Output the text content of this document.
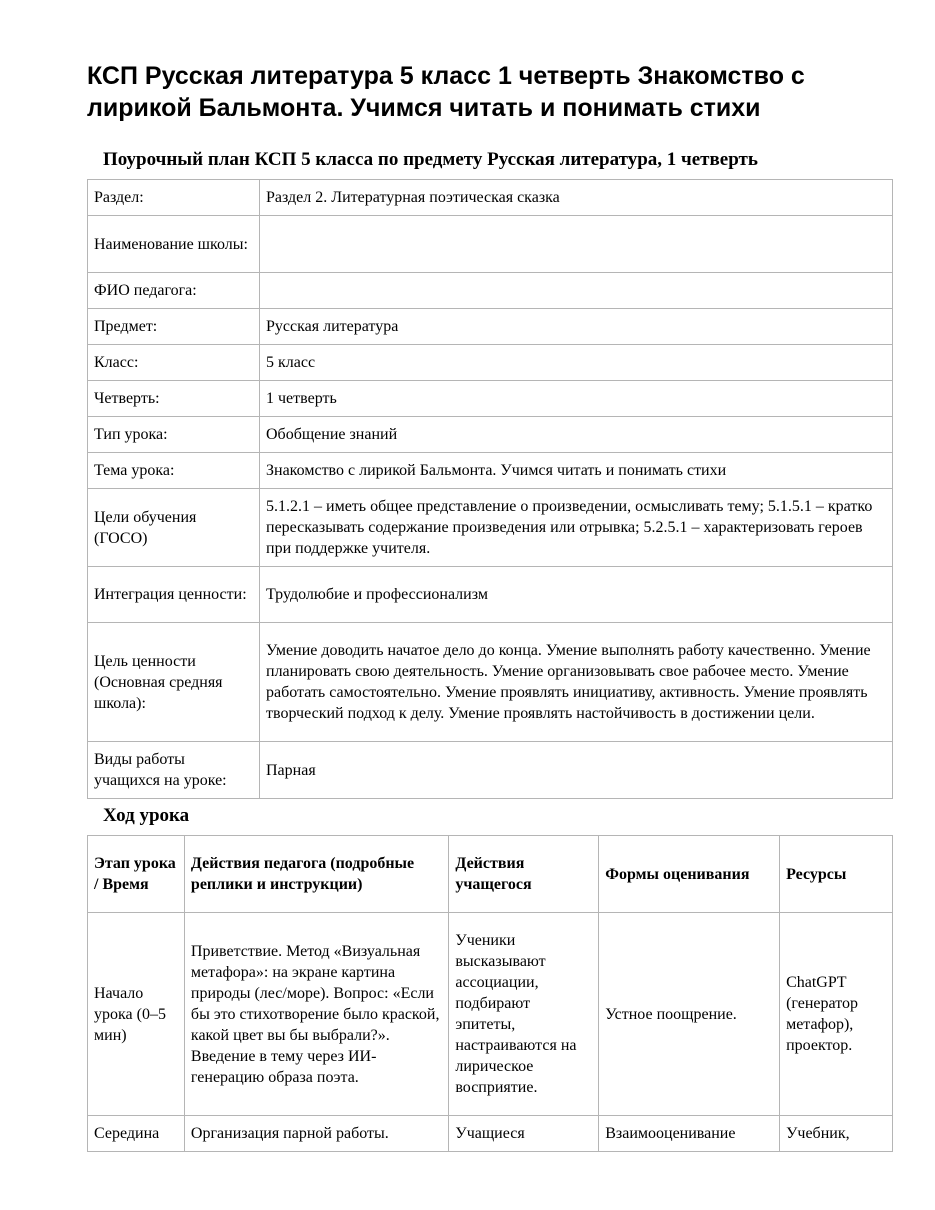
КСП Русская литература 5 класс 1 четверть Знакомство с лирикой Бальмонта. Учимся читать и понимать стихи
Поурочный план КСП 5 класса по предмету Русская литература, 1 четверть
Раздел:	Раздел 2. Литературная поэтическая сказка
Наименование школы:	
ФИО педагога:	
Предмет:	Русская литература
Класс:	5 класс
Четверть:	1 четверть
Тип урока:	Обобщение знаний
Тема урока:	Знакомство с лирикой Бальмонта. Учимся читать и понимать стихи
Цели обучения (ГОСО)	5.1.2.1 – иметь общее представление о произведении, осмысливать тему; 5.1.5.1 – кратко пересказывать содержание произведения или отрывка; 5.2.5.1 – характеризовать героев при поддержке учителя.
Интеграция ценности:	Трудолюбие и профессионализм
Цель ценности (Основная средняя школа):	Умение доводить начатое дело до конца. Умение выполнять работу качественно. Умение планировать свою деятельность. Умение организовывать свое рабочее место. Умение работать самостоятельно. Умение проявлять инициативу, активность. Умение проявлять творческий подход к делу. Умение проявлять настойчивость в достижении цели.
Виды работы учащихся на уроке:	Парная
Ход урока
Этап урока / Время	Действия педагога (подробные реплики и инструкции)	Действия учащегося	Формы оценивания	Ресурсы
Начало урока (0–5 мин)	Приветствие. Метод «Визуальная метафора»: на экране картина природы (лес/море). Вопрос: «Если бы это стихотворение было краской, какой цвет вы бы выбрали?». Введение в тему через ИИ-генерацию образа поэта.	Ученики высказывают ассоциации, подбирают эпитеты, настраиваются на лирическое восприятие.	Устное поощрение.	ChatGPT (генератор метафор), проектор.
Середина	Организация парной работы.	Учащиеся	Взаимооценивание	Учебник,
